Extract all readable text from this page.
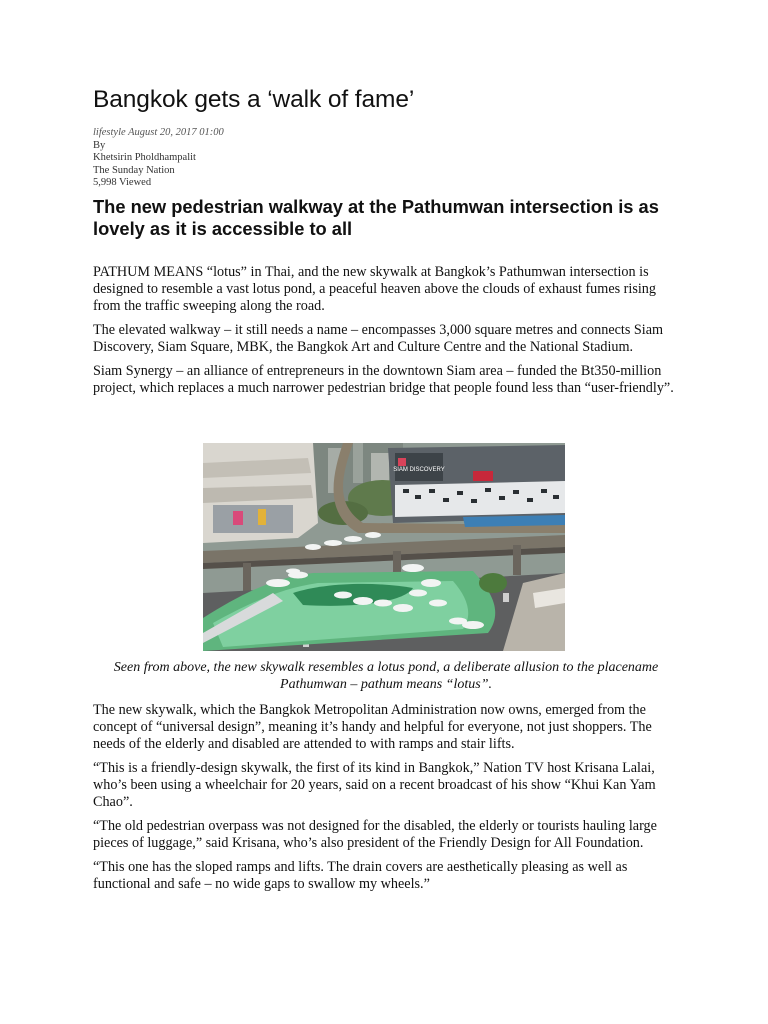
Bangkok gets a ‘walk of fame’
lifestyle August 20, 2017 01:00
By
Khetsirin Pholdhampalit
The Sunday Nation
5,998 Viewed
The new pedestrian walkway at the Pathumwan intersection is as lovely as it is accessible to all

PATHUM MEANS “lotus” in Thai, and the new skywalk at Bangkok’s Pathumwan intersection is designed to resemble a vast lotus pond, a peaceful heaven above the clouds of exhaust fumes rising from the traffic sweeping along the road.

The elevated walkway – it still needs a name – encompasses 3,000 square metres and connects Siam Discovery, Siam Square, MBK, the Bangkok Art and Culture Centre and the National Stadium.

Siam Synergy – an alliance of entrepreneurs in the downtown Siam area – funded the Bt350-million project, which replaces a much narrower pedestrian bridge that people found less than “user-friendly”.

SIAM DISCOVERY
Seen from above, the new skywalk resembles a lotus pond, a deliberate allusion to the placename Pathumwan – pathum means “lotus”.

The new skywalk, which the Bangkok Metropolitan Administration now owns, emerged from the concept of “universal design”, meaning it’s handy and helpful for everyone, not just shoppers. The needs of the elderly and disabled are attended to with ramps and stair lifts.

“This is a friendly-design skywalk, the first of its kind in Bangkok,” Nation TV host Krisana Lalai, who’s been using a wheelchair for 20 years, said on a recent broadcast of his show “Khui Kan Yam Chao”.

“The old pedestrian overpass was not designed for the disabled, the elderly or tourists hauling large pieces of luggage,” said Krisana, who’s also president of the Friendly Design for All Foundation.

“This one has the sloped ramps and lifts. The drain covers are aesthetically pleasing as well as functional and safe – no wide gaps to swallow my wheels.”
